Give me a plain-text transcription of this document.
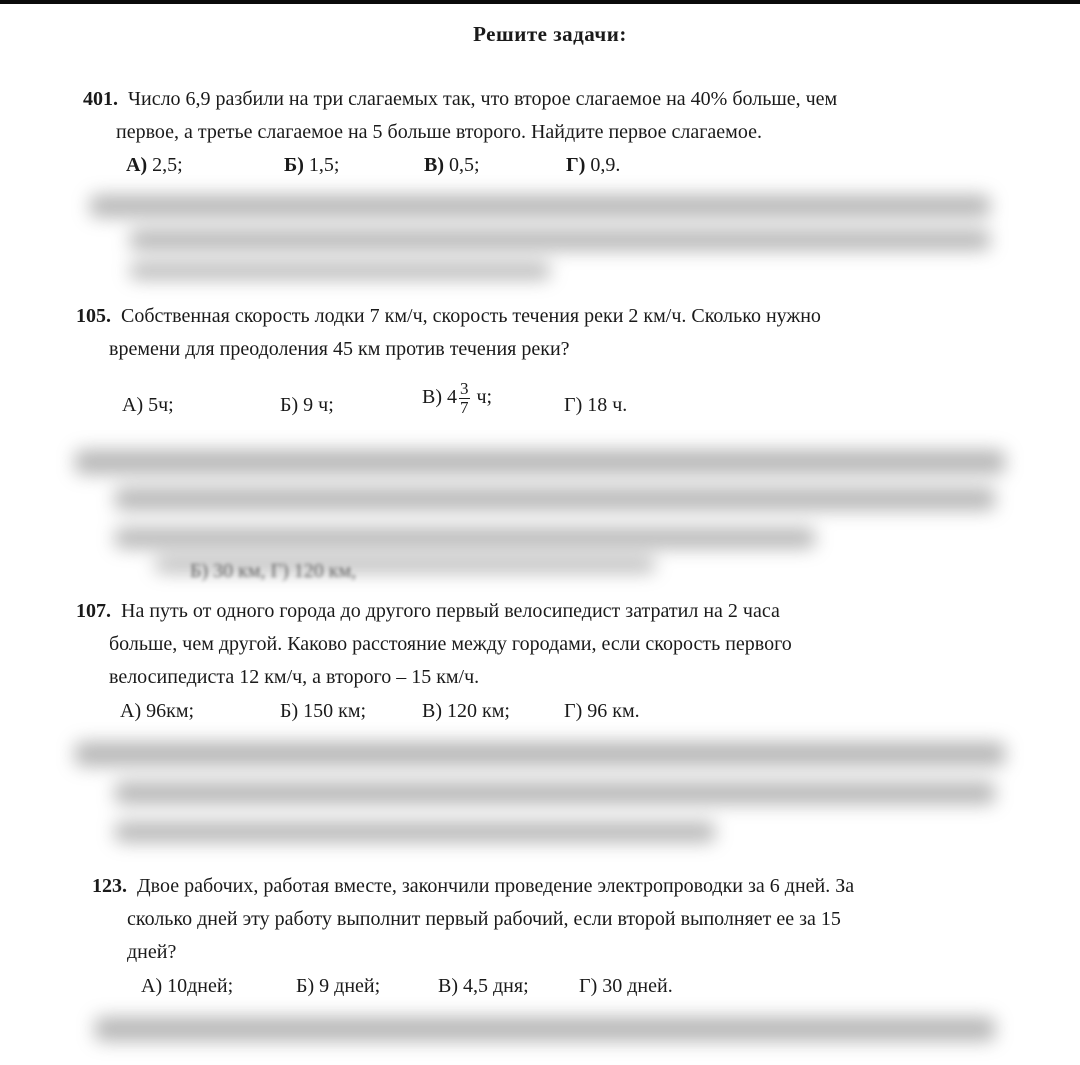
Решите задачи:
401. Число 6,9 разбили на три слагаемых так, что второе слагаемое на 40% больше, чем
первое, а третье слагаемое на 5 больше второго. Найдите первое слагаемое.
А) 2,5;	Б) 1,5;	В) 0,5;	Г) 0,9.
105. Собственная скорость лодки 7 км/ч, скорость течения реки 2 км/ч. Сколько нужно
времени для преодоления 45 км против течения реки?
А) 5ч;	Б) 9 ч;	В) $4 \frac{3}{7} ч$;	Г) 18 ч.
Б) 30 км, Г) 120 км,
107. На путь от одного города до другого первый велосипедист затратил на 2 часа
больше, чем другой. Каково расстояние между городами, если скорость первого
велосипедиста 12 км/ч, а второго – 15 км/ч.
А) 96км;	Б) 150 км;	В) 120 км;	Г) 96 км.
123. Двое рабочих, работая вместе, закончили проведение электропроводки за 6 дней. За
сколько дней эту работу выполнит первый рабочий, если второй выполняет ее за 15
дней?
А) 10дней;	Б) 9 дней;	В) 4,5 дня;	Г) 30 дней.
